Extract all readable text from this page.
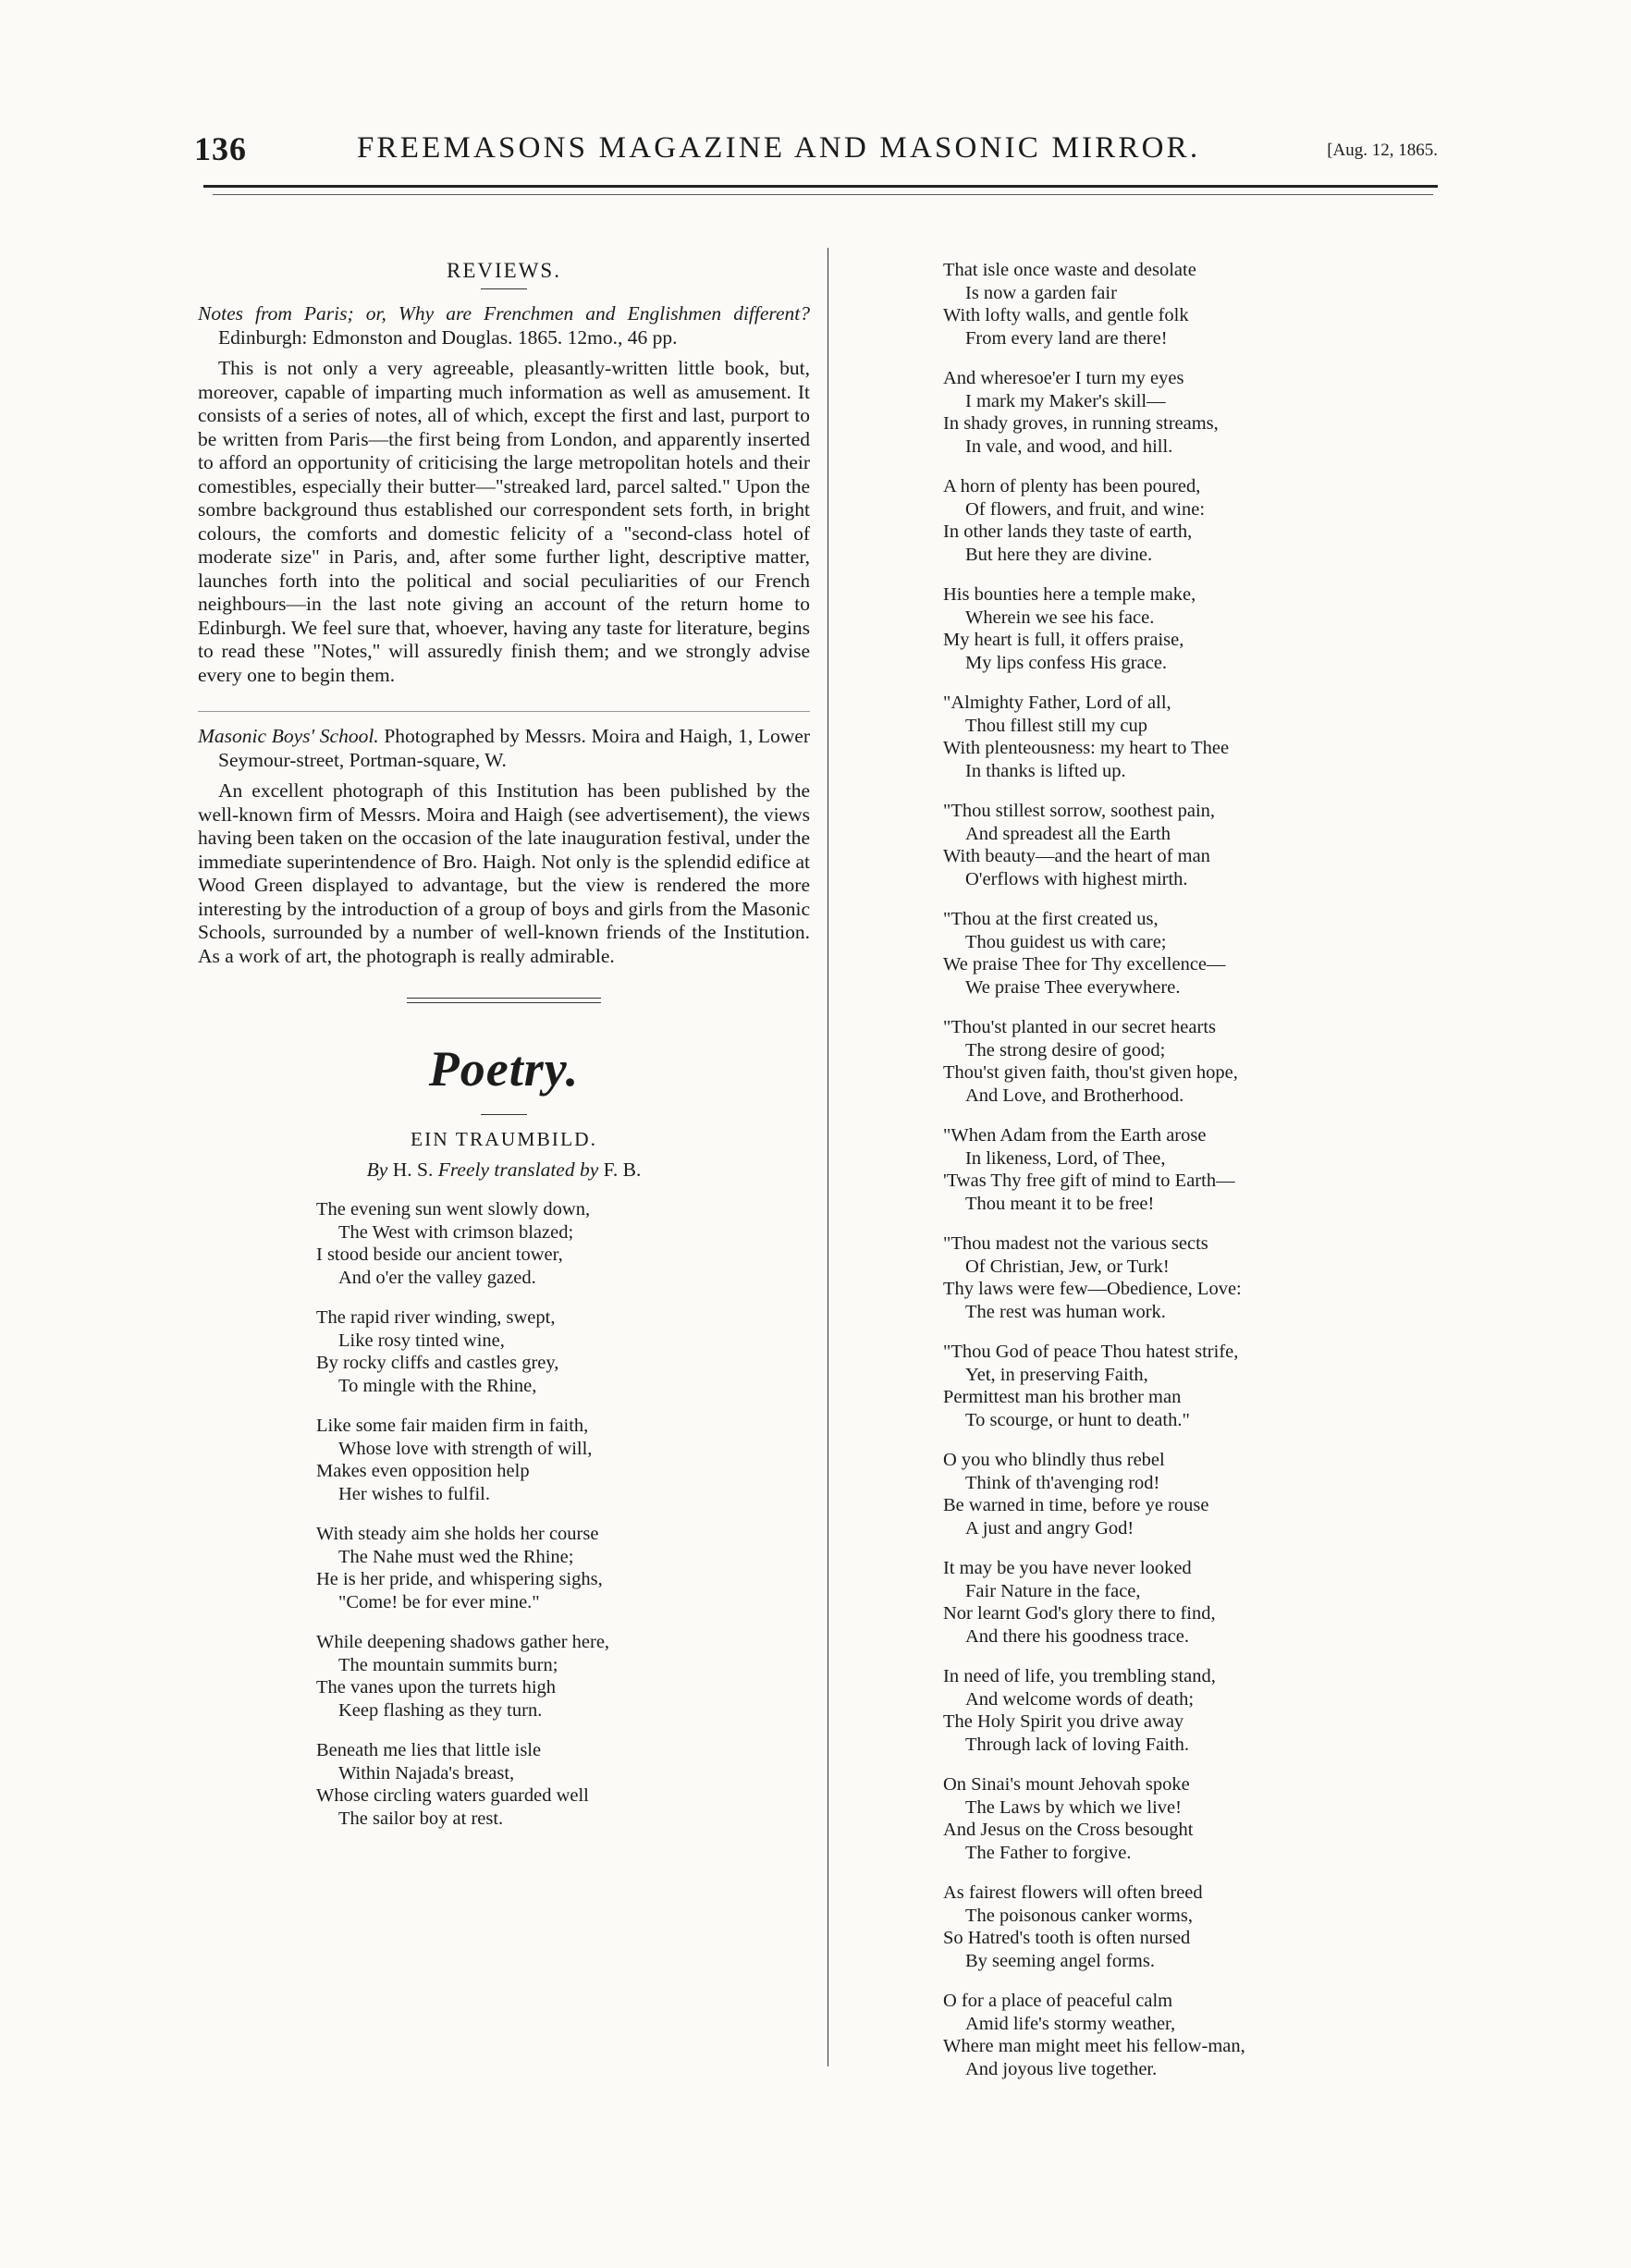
136	FREEMASONS MAGAZINE AND MASONIC MIRROR.	[Aug. 12, 1865.
REVIEWS.

Notes from Paris; or, Why are Frenchmen and Englishmen different? Edinburgh: Edmonston and Douglas. 1865. 12mo., 46 pp.

This is not only a very agreeable, pleasantly-written little book, but, moreover, capable of imparting much information as well as amusement. It consists of a series of notes, all of which, except the first and last, purport to be written from Paris—the first being from London, and apparently inserted to afford an opportunity of criticising the large metropolitan hotels and their comestibles, especially their butter—"streaked lard, parcel salted." Upon the sombre background thus established our correspondent sets forth, in bright colours, the comforts and domestic felicity of a "second-class hotel of moderate size" in Paris, and, after some further light, descriptive matter, launches forth into the political and social peculiarities of our French neighbours—in the last note giving an account of the return home to Edinburgh. We feel sure that, whoever, having any taste for literature, begins to read these "Notes," will assuredly finish them; and we strongly advise every one to begin them.

Masonic Boys' School. Photographed by Messrs. Moira and Haigh, 1, Lower Seymour-street, Portman-square, W.

An excellent photograph of this Institution has been published by the well-known firm of Messrs. Moira and Haigh (see advertisement), the views having been taken on the occasion of the late inauguration festival, under the immediate superintendence of Bro. Haigh. Not only is the splendid edifice at Wood Green displayed to advantage, but the view is rendered the more interesting by the introduction of a group of boys and girls from the Masonic Schools, surrounded by a number of well-known friends of the Institution. As a work of art, the photograph is really admirable.

Poetry.
EIN TRAUMBILD.
By H. S. Freely translated by F. B.
The evening sun went slowly down,
The West with crimson blazed;
I stood beside our ancient tower,
And o'er the valley gazed.
The rapid river winding, swept,
Like rosy tinted wine,
By rocky cliffs and castles grey,
To mingle with the Rhine,
Like some fair maiden firm in faith,
Whose love with strength of will,
Makes even opposition help
Her wishes to fulfil.
With steady aim she holds her course
The Nahe must wed the Rhine;
He is her pride, and whispering sighs,
"Come! be for ever mine."
While deepening shadows gather here,
The mountain summits burn;
The vanes upon the turrets high
Keep flashing as they turn.
Beneath me lies that little isle
Within Najada's breast,
Whose circling waters guarded well
The sailor boy at rest.
That isle once waste and desolate
Is now a garden fair
With lofty walls, and gentle folk
From every land are there!
And wheresoe'er I turn my eyes
I mark my Maker's skill—
In shady groves, in running streams,
In vale, and wood, and hill.
A horn of plenty has been poured,
Of flowers, and fruit, and wine:
In other lands they taste of earth,
But here they are divine.
His bounties here a temple make,
Wherein we see his face.
My heart is full, it offers praise,
My lips confess His grace.
"Almighty Father, Lord of all,
Thou fillest still my cup
With plenteousness: my heart to Thee
In thanks is lifted up.
"Thou stillest sorrow, soothest pain,
And spreadest all the Earth
With beauty—and the heart of man
O'erflows with highest mirth.
"Thou at the first created us,
Thou guidest us with care;
We praise Thee for Thy excellence—
We praise Thee everywhere.
"Thou'st planted in our secret hearts
The strong desire of good;
Thou'st given faith, thou'st given hope,
And Love, and Brotherhood.
"When Adam from the Earth arose
In likeness, Lord, of Thee,
'Twas Thy free gift of mind to Earth—
Thou meant it to be free!
"Thou madest not the various sects
Of Christian, Jew, or Turk!
Thy laws were few—Obedience, Love:
The rest was human work.
"Thou God of peace Thou hatest strife,
Yet, in preserving Faith,
Permittest man his brother man
To scourge, or hunt to death."
O you who blindly thus rebel
Think of th'avenging rod!
Be warned in time, before ye rouse
A just and angry God!
It may be you have never looked
Fair Nature in the face,
Nor learnt God's glory there to find,
And there his goodness trace.
In need of life, you trembling stand,
And welcome words of death;
The Holy Spirit you drive away
Through lack of loving Faith.
On Sinai's mount Jehovah spoke
The Laws by which we live!
And Jesus on the Cross besought
The Father to forgive.
As fairest flowers will often breed
The poisonous canker worms,
So Hatred's tooth is often nursed
By seeming angel forms.
O for a place of peaceful calm
Amid life's stormy weather,
Where man might meet his fellow-man,
And joyous live together.
